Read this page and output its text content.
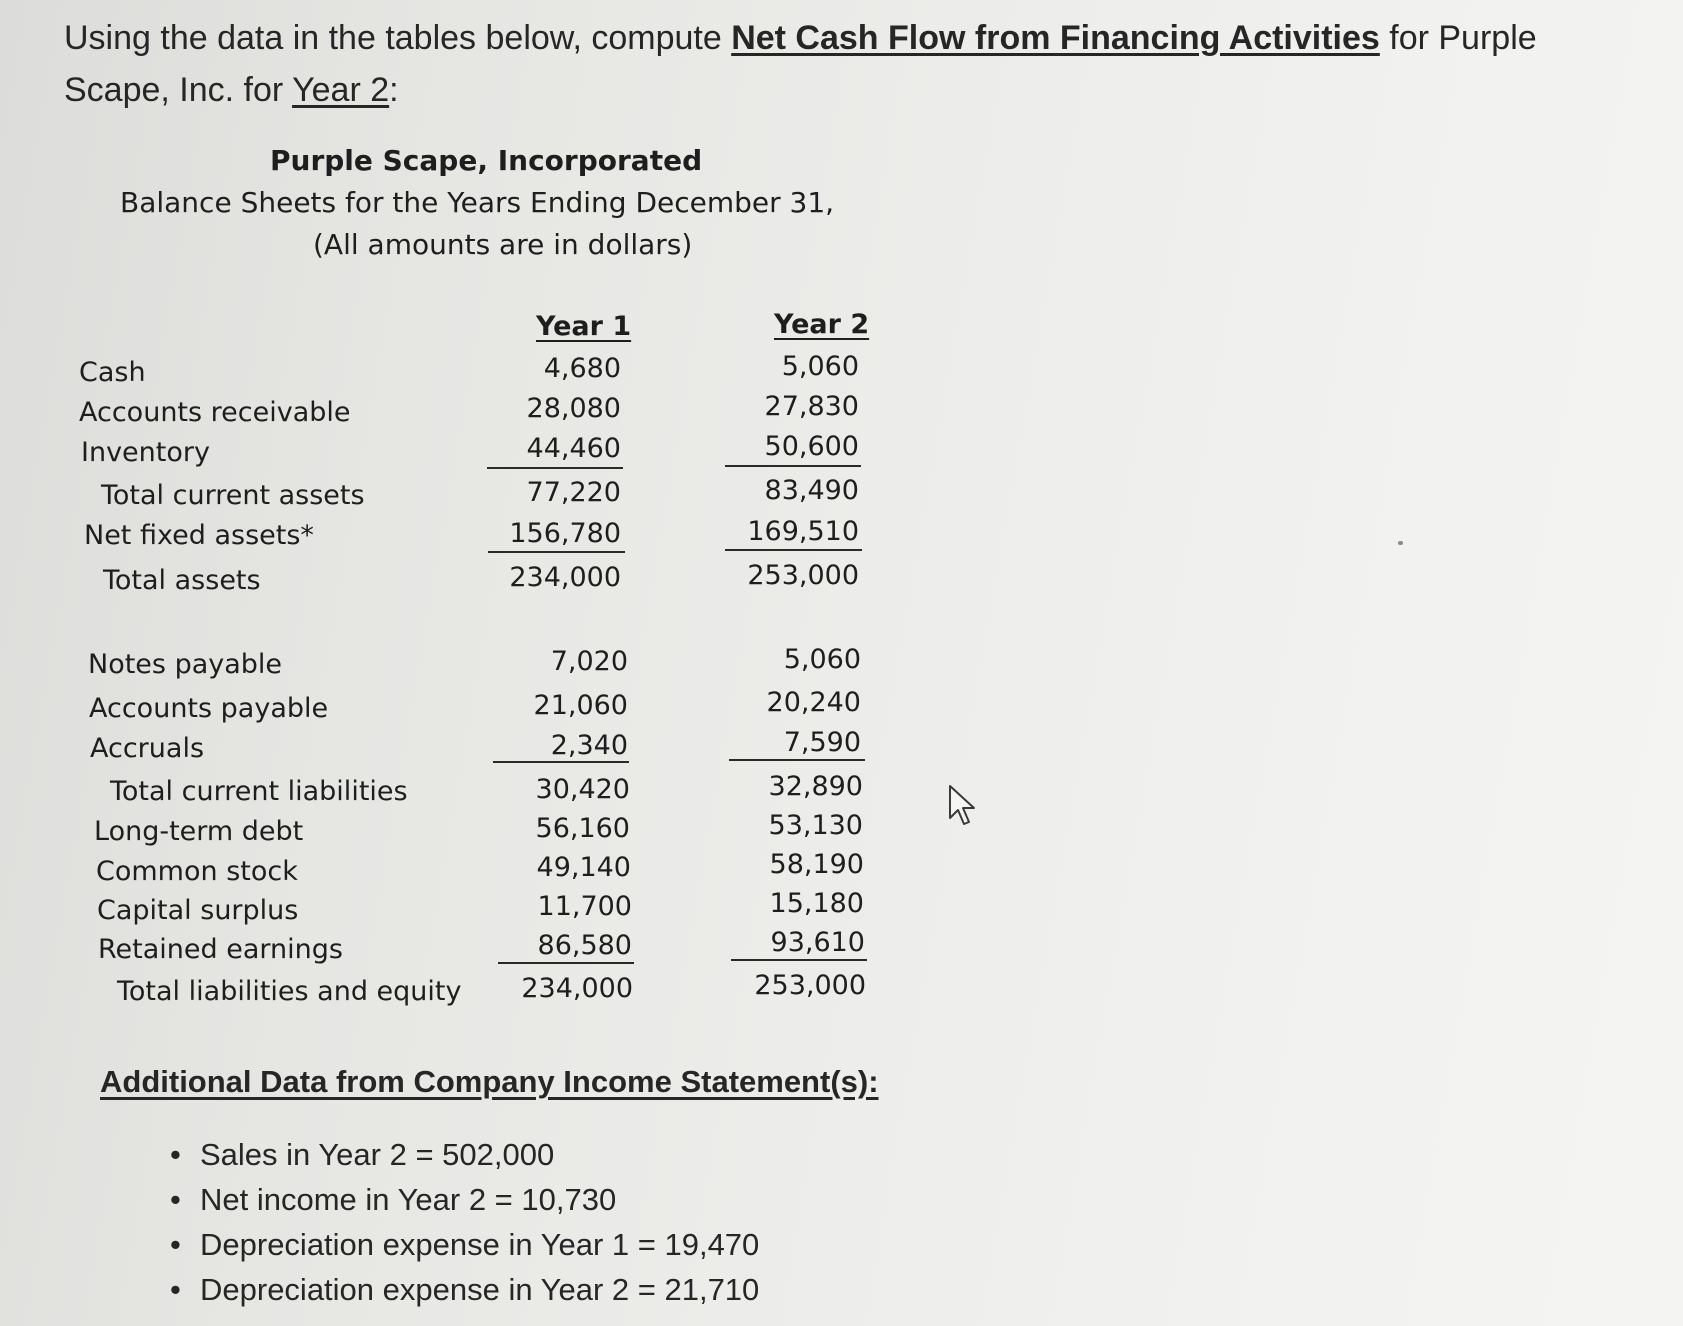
Using the data in the tables below, compute Net Cash Flow from Financing Activities for Purple Scape, Inc. for Year 2:
Purple Scape, Incorporated
Balance Sheets for the Years Ending December 31,
(All amounts are in dollars)
Year 1	Year 2
Cash	4,680	5,060
Accounts receivable	28,080	27,830
Inventory	44,460	50,600
Total current assets	77,220	83,490
Net fixed assets*	156,780	169,510
Total assets	234,000	253,000
Notes payable	7,020	5,060
Accounts payable	21,060	20,240
Accruals	2,340	7,590
Total current liabilities	30,420	32,890
Long-term debt	56,160	53,130
Common stock	49,140	58,190
Capital surplus	11,700	15,180
Retained earnings	86,580	93,610
Total liabilities and equity	234,000	253,000
Additional Data from Company Income Statement(s):
• Sales in Year 2 = 502,000
• Net income in Year 2 = 10,730
• Depreciation expense in Year 1 = 19,470
• Depreciation expense in Year 2 = 21,710
